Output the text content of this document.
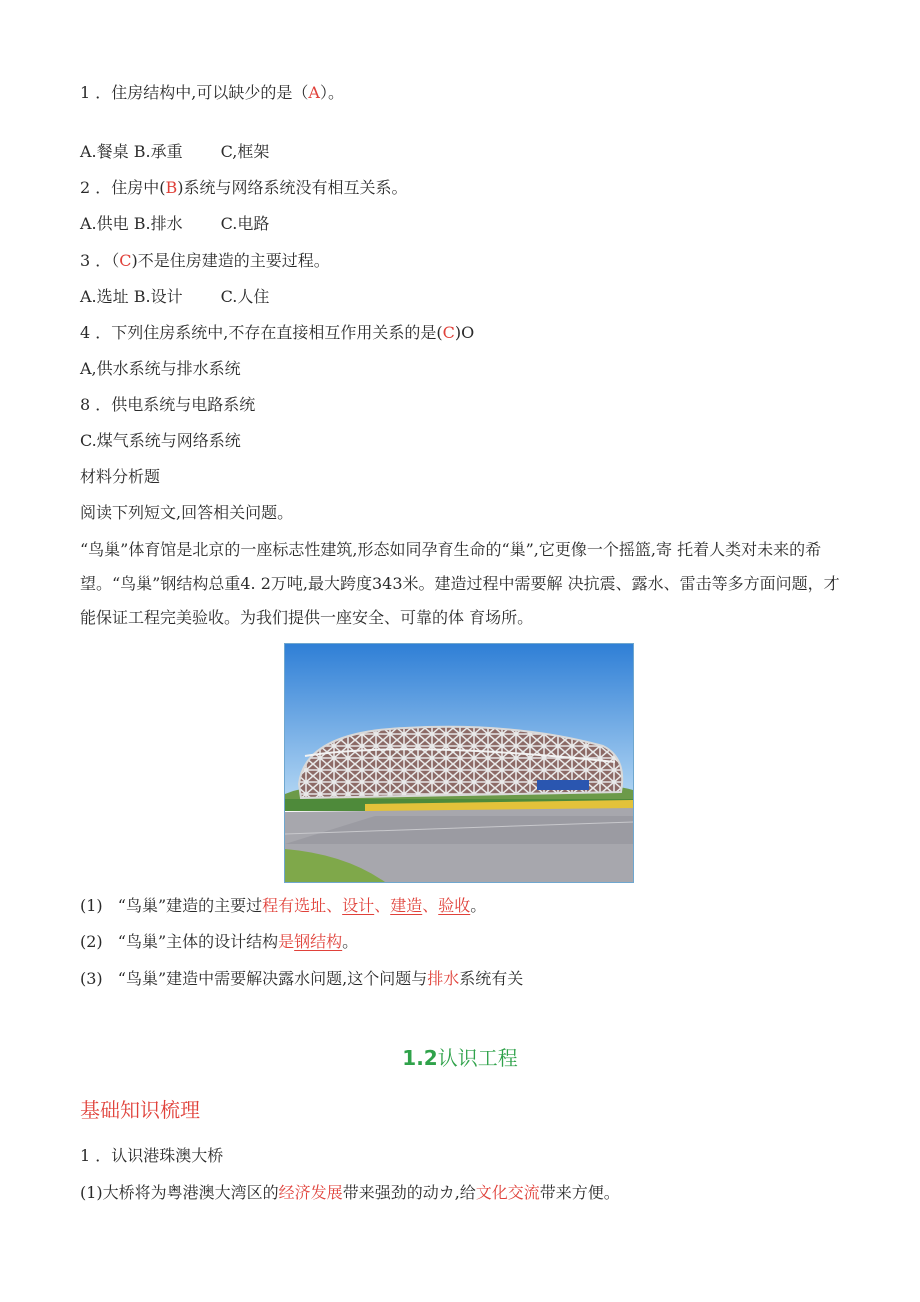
1 ．住房结构中,可以缺少的是（A）。
A.餐桌 B.承重 C,框架
2 ．住房中(B)系统与网络系统没有相互关系。
A.供电 B.排水 C.电路
3 ．（C)不是住房建造的主要过程。
A.选址 B.设计 C.人住
4 ．下列住房系统中,不存在直接相互作用关系的是(C)O
A,供水系统与排水系统
8 ．供电系统与电路系统
C.煤气系统与网络系统
材料分析题
阅读下列短文,回答相关问题。
“鸟巢”体育馆是北京的一座标志性建筑,形态如同孕育生命的“巢”,它更像一个摇篮,寄 托着人类对未来的希望。“鸟巢”钢结构总重4. 2万吨,最大跨度343米。建造过程中需要解 决抗震、露水、雷击等多方面问题，才能保证工程完美验收。为我们提供一座安全、可靠的体 育场所。
(1) “鸟巢”建造的主要过程有选址、设计、建造、验收。
(2) “鸟巢”主体的设计结构是钢结构。
(3) “鸟巢”建造中需要解决露水问题,这个问题与排水系统有关
1.2认识工程
基础知识梳理
1 ．认识港珠澳大桥
(1)大桥将为粤港澳大湾区的经济发展带来强劲的动カ,给文化交流带来方便。
